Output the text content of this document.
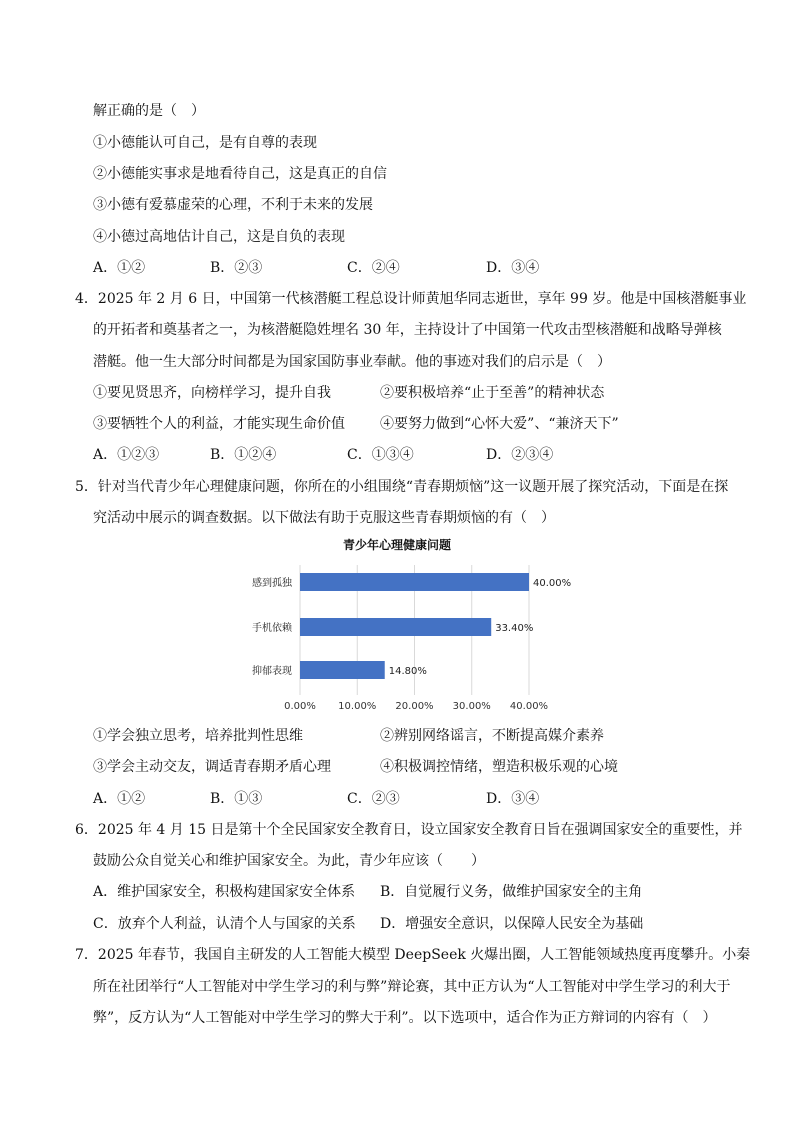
解正确的是（　）
①小德能认可自己，是有自尊的表现
②小德能实事求是地看待自己，这是真正的自信
③小德有爱慕虚荣的心理，不利于未来的发展
④小德过高地估计自己，这是自负的表现
A．①②	B．②③	C．②④	D．③④
4．2025 年 2 月 6 日，中国第一代核潜艇工程总设计师黄旭华同志逝世，享年 99 岁。他是中国核潜艇事业
的开拓者和奠基者之一，为核潜艇隐姓埋名 30 年，主持设计了中国第一代攻击型核潜艇和战略导弹核
潜艇。他一生大部分时间都是为国家国防事业奉献。他的事迹对我们的启示是（　）
①要见贤思齐，向榜样学习，提升自我	②要积极培养“止于至善”的精神状态
③要牺牲个人的利益，才能实现生命价值	④要努力做到“心怀大爱”、“兼济天下”
A．①②③	B．①②④	C．①③④	D．②③④
5．针对当代青少年心理健康问题，你所在的小组围绕“青春期烦恼”这一议题开展了探究活动，下面是在探
究活动中展示的调查数据。以下做法有助于克服这些青春期烦恼的有（　）
青少年心理健康问题
0.00% 10.00% 20.00% 30.00% 40.00%
感到孤独	40.00%
手机依赖	33.40%
抑郁表现	14.80%
①学会独立思考，培养批判性思维	②辨别网络谣言，不断提高媒介素养
③学会主动交友，调适青春期矛盾心理	④积极调控情绪，塑造积极乐观的心境
A．①②	B．①③	C．②③	D．③④
6．2025 年 4 月 15 日是第十个全民国家安全教育日，设立国家安全教育日旨在强调国家安全的重要性，并
鼓励公众自觉关心和维护国家安全。为此，青少年应该（　　）
A．维护国家安全，积极构建国家安全体系 B．自觉履行义务，做维护国家安全的主角
C．放弃个人利益，认清个人与国家的关系 D．增强安全意识，以保障人民安全为基础
7．2025 年春节，我国自主研发的人工智能大模型 DeepSeek 火爆出圈，人工智能领域热度再度攀升。小秦
所在社团举行“人工智能对中学生学习的利与弊”辩论赛，其中正方认为“人工智能对中学生学习的利大于
弊”，反方认为“人工智能对中学生学习的弊大于利”。以下选项中，适合作为正方辩词的内容有（　）
